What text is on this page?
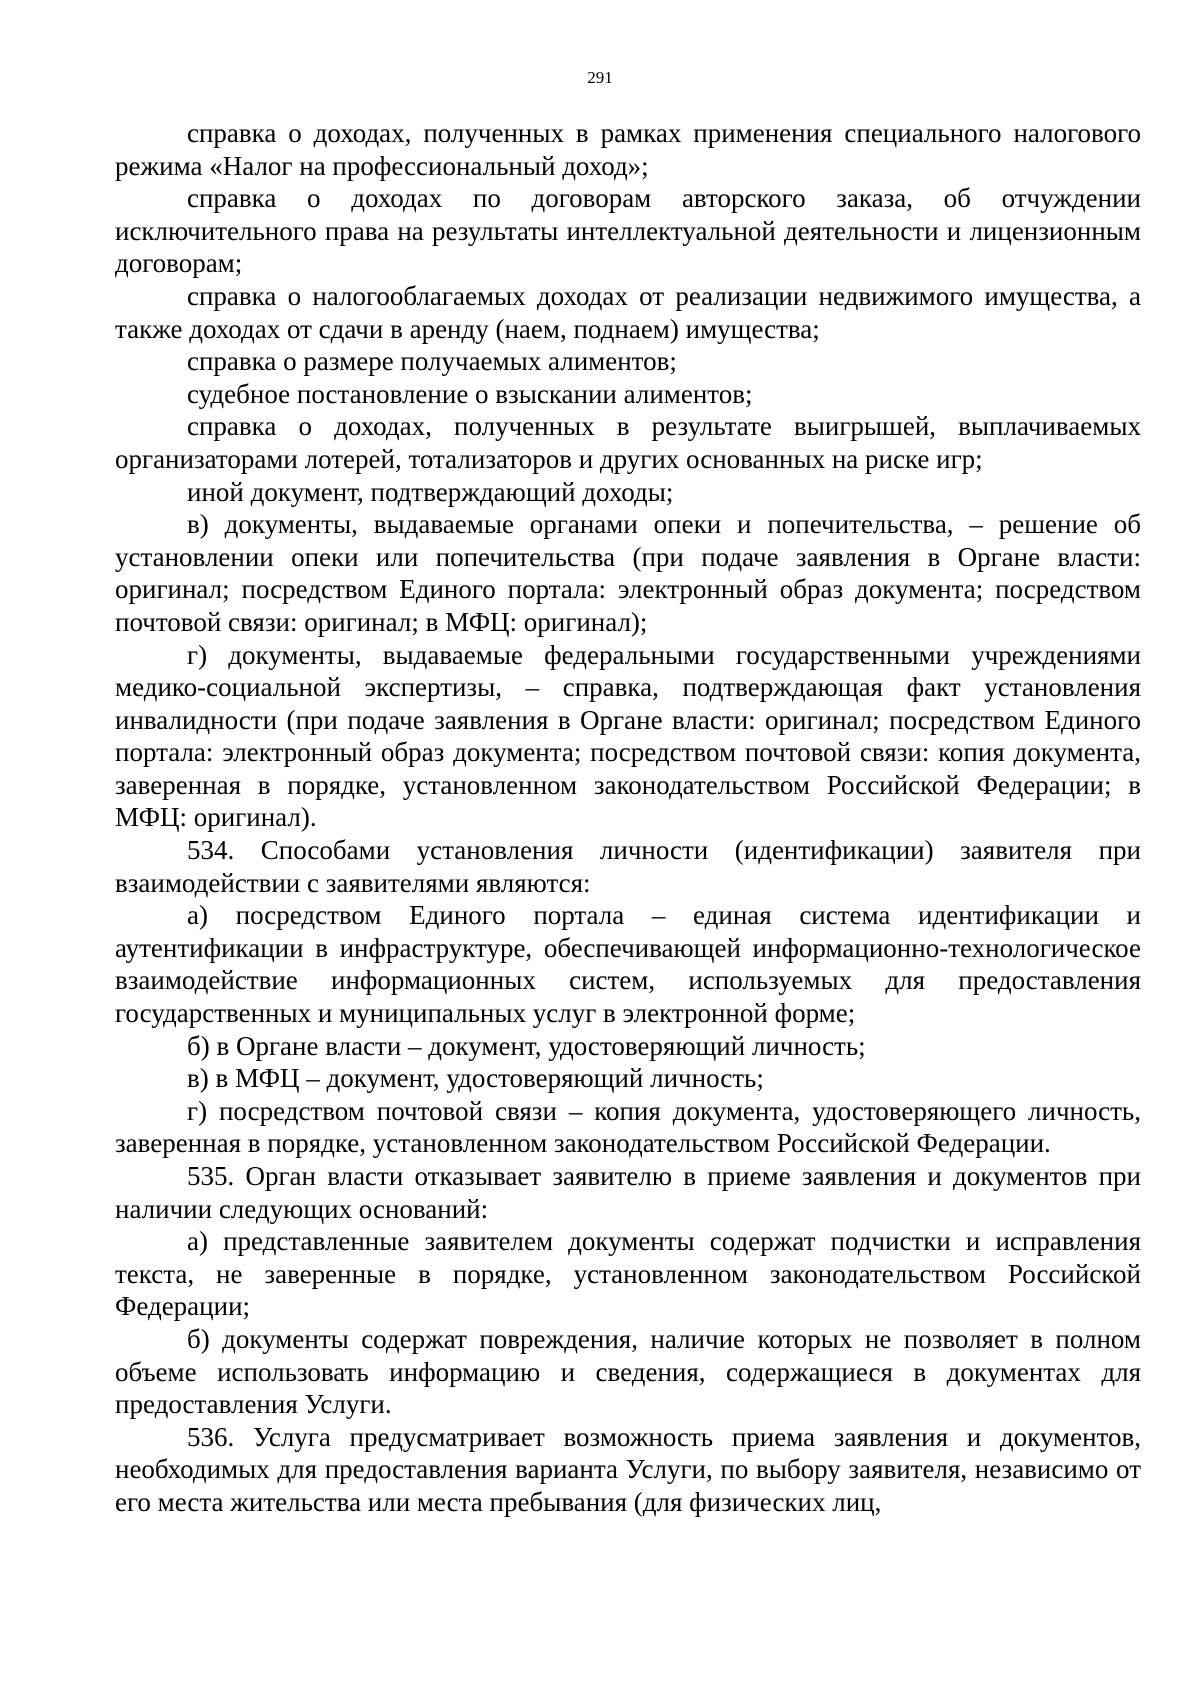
291

справка о доходах, полученных в рамках применения специального налогового режима «Налог на профессиональный доход»;

справка о доходах по договорам авторского заказа, об отчуждении исключительного права на результаты интеллектуальной деятельности и лицензионным договорам;

справка о налогооблагаемых доходах от реализации недвижимого имущества, а также доходах от сдачи в аренду (наем, поднаем) имущества;

справка о размере получаемых алиментов;

судебное постановление о взыскании алиментов;

справка о доходах, полученных в результате выигрышей, выплачиваемых организаторами лотерей, тотализаторов и других основанных на риске игр;

иной документ, подтверждающий доходы;

в) документы, выдаваемые органами опеки и попечительства, – решение об установлении опеки или попечительства (при подаче заявления в Органе власти: оригинал; посредством Единого портала: электронный образ документа; посредством почтовой связи: оригинал; в МФЦ: оригинал);

г) документы, выдаваемые федеральными государственными учреждениями медико-социальной экспертизы, – справка, подтверждающая факт установления инвалидности (при подаче заявления в Органе власти: оригинал; посредством Единого портала: электронный образ документа; посредством почтовой связи: копия документа, заверенная в порядке, установленном законодательством Российской Федерации; в МФЦ: оригинал).

534. Способами установления личности (идентификации) заявителя при взаимодействии с заявителями являются:

а) посредством Единого портала – единая система идентификации и аутентификации в инфраструктуре, обеспечивающей информационно-технологическое взаимодействие информационных систем, используемых для предоставления государственных и муниципальных услуг в электронной форме;

б) в Органе власти – документ, удостоверяющий личность;

в) в МФЦ – документ, удостоверяющий личность;

г) посредством почтовой связи – копия документа, удостоверяющего личность, заверенная в порядке, установленном законодательством Российской Федерации.

535. Орган власти отказывает заявителю в приеме заявления и документов при наличии следующих оснований:

а) представленные заявителем документы содержат подчистки и исправления текста, не заверенные в порядке, установленном законодательством Российской Федерации;

б) документы содержат повреждения, наличие которых не позволяет в полном объеме использовать информацию и сведения, содержащиеся в документах для предоставления Услуги.

536. Услуга предусматривает возможность приема заявления и документов, необходимых для предоставления варианта Услуги, по выбору заявителя, независимо от его места жительства или места пребывания (для физических лиц,
